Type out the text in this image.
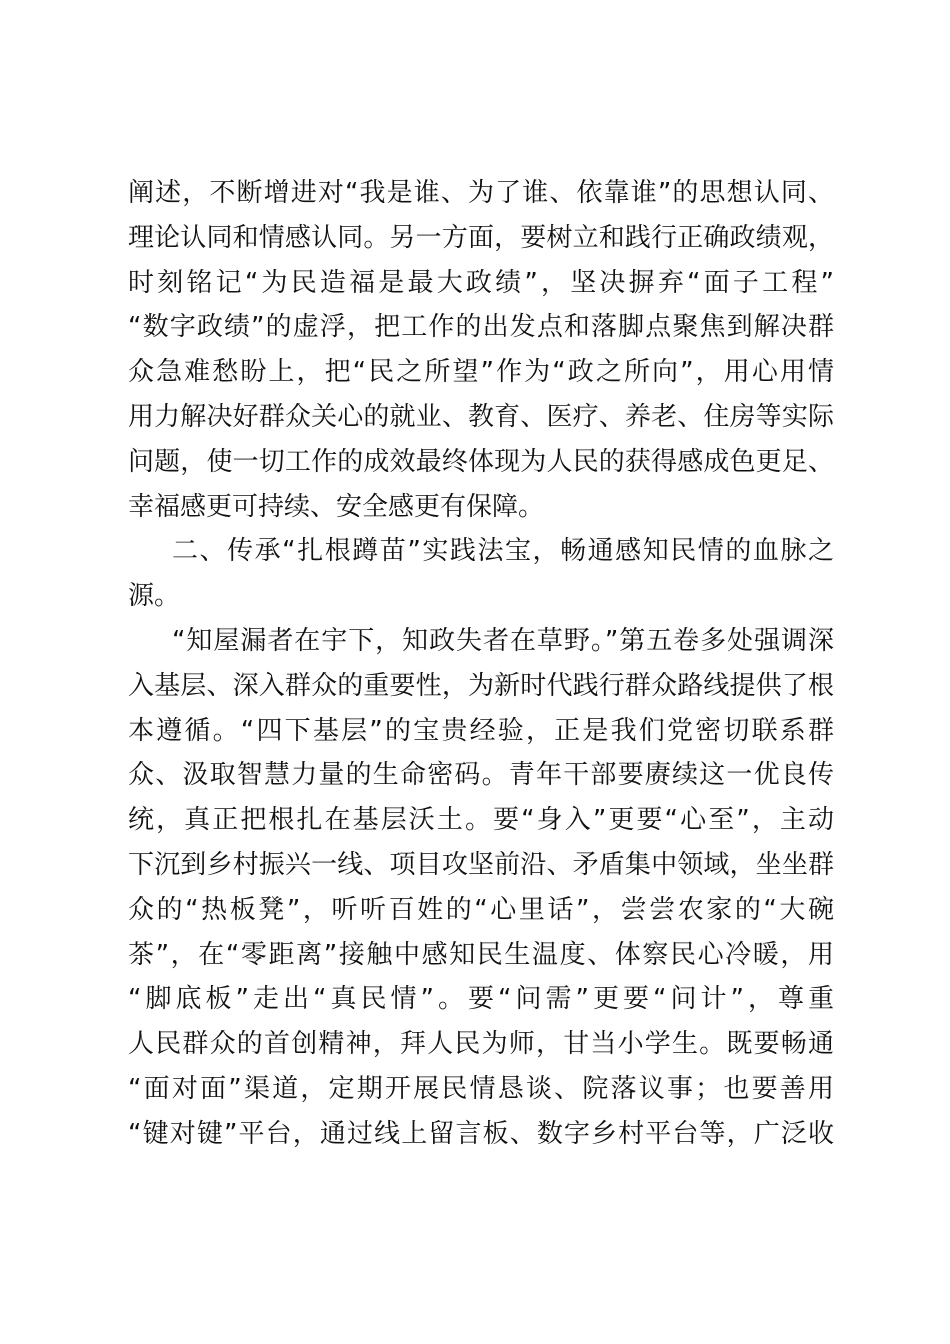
阐述，不断增进对“我是谁、为了谁、依靠谁”的思想认同、
理论认同和情感认同。另一方面，要树立和践行正确政绩观，
时刻铭记“为民造福是最大政绩”，坚决摒弃“面子工程”
“数字政绩”的虚浮，把工作的出发点和落脚点聚焦到解决群
众急难愁盼上，把“民之所望”作为“政之所向”，用心用情
用力解决好群众关心的就业、教育、医疗、养老、住房等实际
问题，使一切工作的成效最终体现为人民的获得感成色更足、
幸福感更可持续、安全感更有保障。
二、传承“扎根蹲苗”实践法宝，畅通感知民情的血脉之
源。
“知屋漏者在宇下，知政失者在草野。”第五卷多处强调深
入基层、深入群众的重要性，为新时代践行群众路线提供了根
本遵循。“四下基层”的宝贵经验，正是我们党密切联系群
众、汲取智慧力量的生命密码。青年干部要赓续这一优良传
统，真正把根扎在基层沃土。要“身入”更要“心至”，主动
下沉到乡村振兴一线、项目攻坚前沿、矛盾集中领域，坐坐群
众的“热板凳”，听听百姓的“心里话”，尝尝农家的“大碗
茶”，在“零距离”接触中感知民生温度、体察民心冷暖，用
“脚底板”走出“真民情”。要“问需”更要“问计”，尊重
人民群众的首创精神，拜人民为师，甘当小学生。既要畅通
“面对面”渠道，定期开展民情恳谈、院落议事；也要善用
“键对键”平台，通过线上留言板、数字乡村平台等，广泛收
